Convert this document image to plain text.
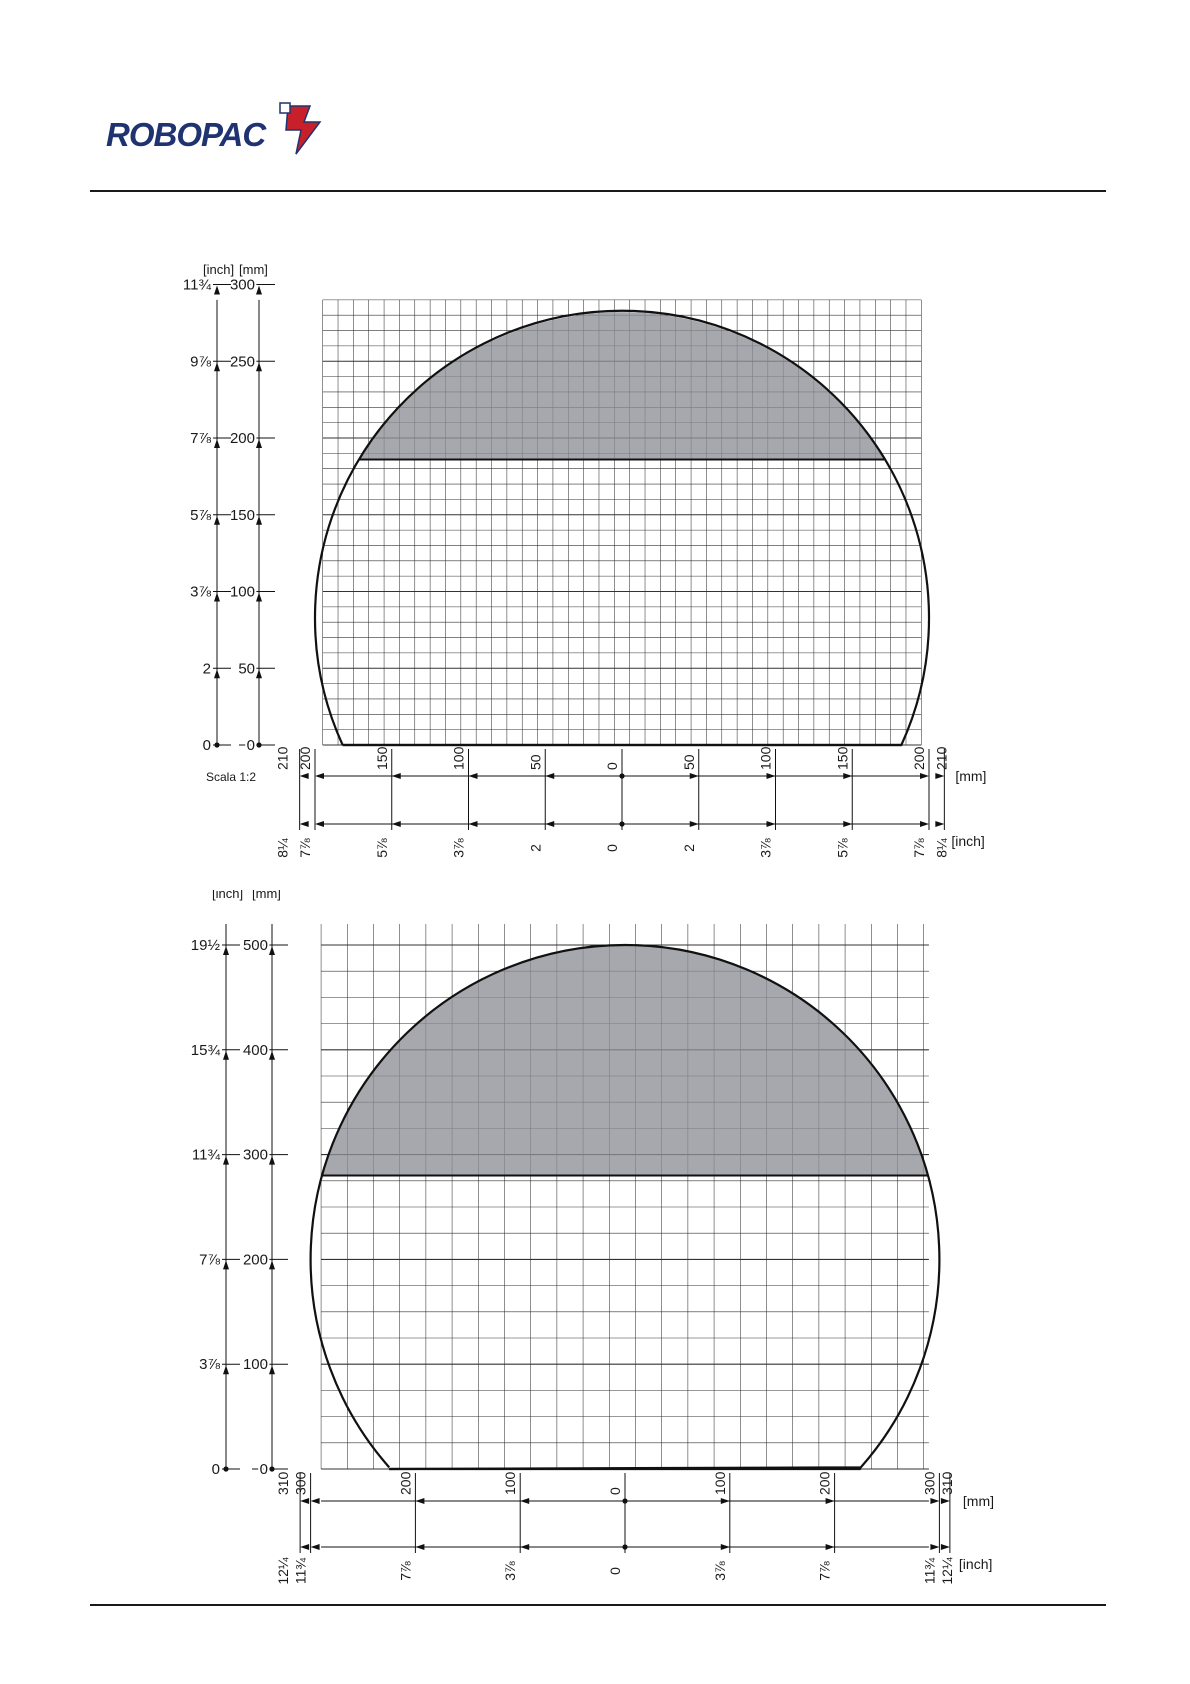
ROBOPAC
[inch] [mm]
300
250
200
150
100
50
0
11¾
9⅞
7⅞
5⅞
3⅞
2
0
210
8¼
200
7⅞
150
5⅞
100
3⅞
50
2
0
0
50
2
100
3⅞
150
5⅞
200
7⅞
210
8¼
[mm]
[inch]
Scala 1:2
[inch] [mm]
500
400
300
200
100
0
19½
15¾
11¾
7⅞
3⅞
0
310
12¼
300
11¾
200
7⅞
100
3⅞
0
0
100
3⅞
200
7⅞
300
11¾
310
12¼
[mm]
[inch]
